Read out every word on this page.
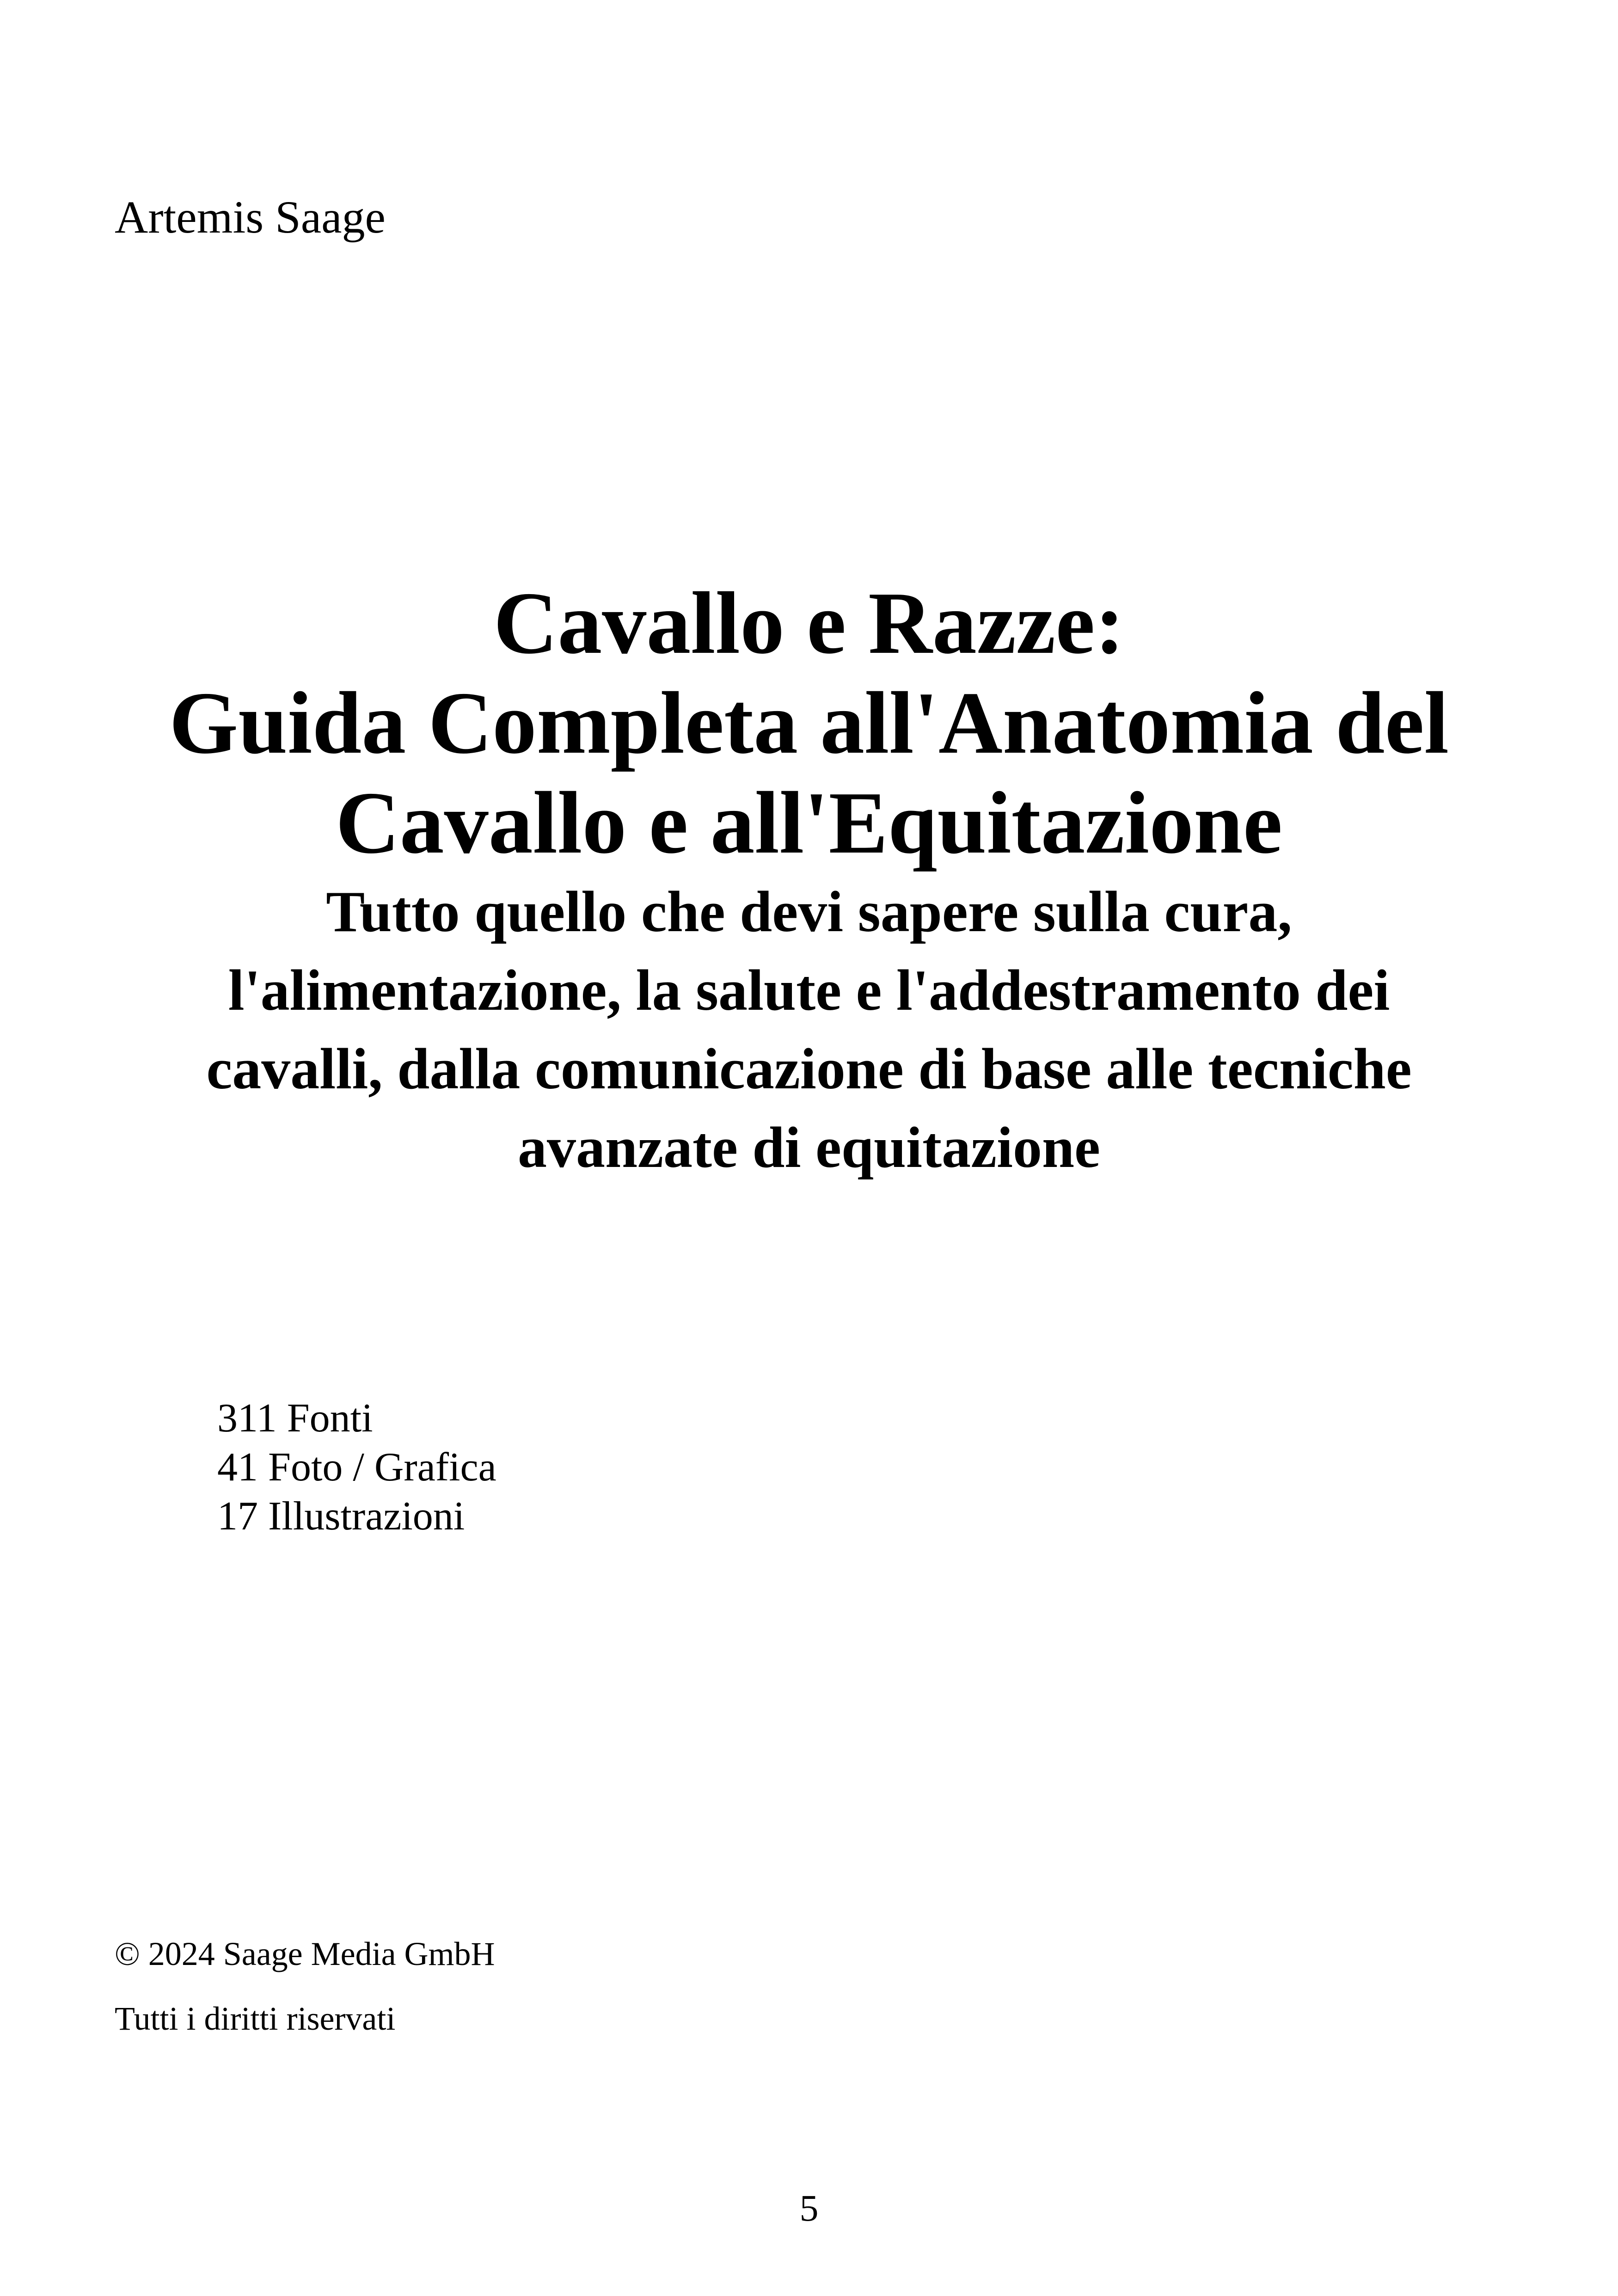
Artemis Saage
Cavallo e Razze:
Guida Completa all'Anatomia del
Cavallo e all'Equitazione
Tutto quello che devi sapere sulla cura,
l'alimentazione, la salute e l'addestramento dei
cavalli, dalla comunicazione di base alle tecniche
avanzate di equitazione
311 Fonti
41 Foto / Grafica
17 Illustrazioni
© 2024 Saage Media GmbH
Tutti i diritti riservati
5
